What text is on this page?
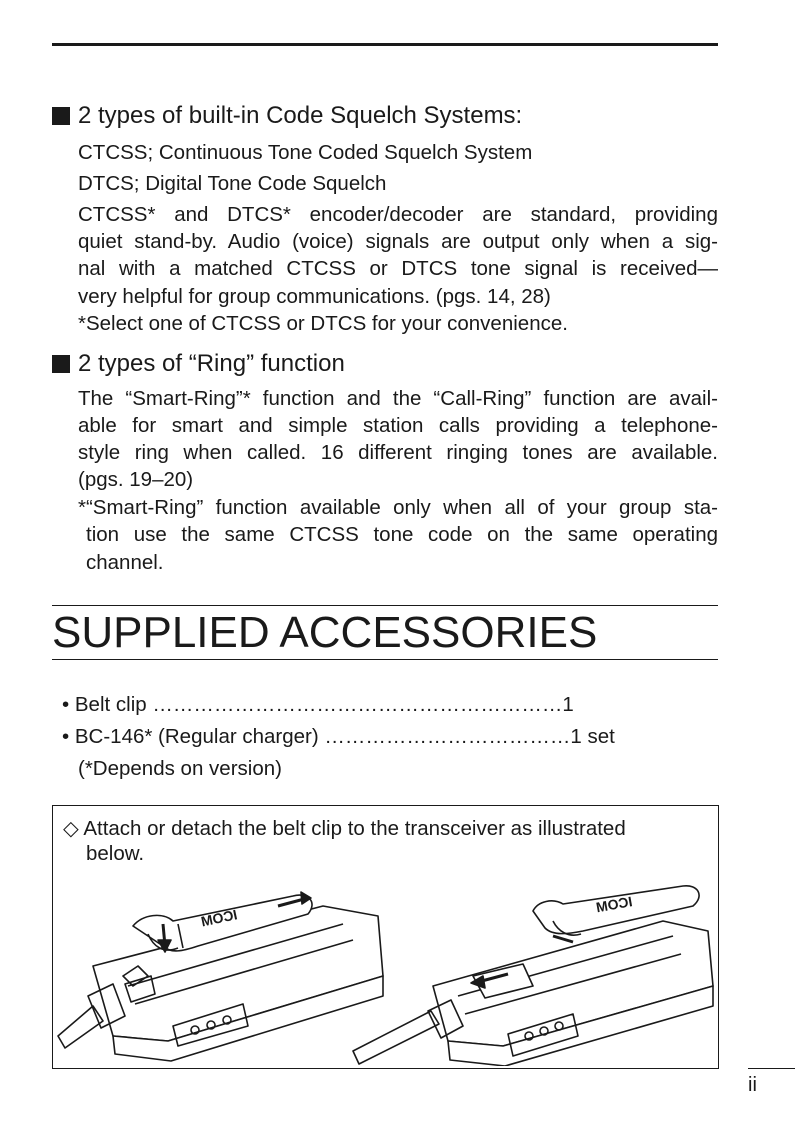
2 types of built-in Code Squelch Systems:
CTCSS; Continuous Tone Coded Squelch System
DTCS; Digital Tone Code Squelch
CTCSS* and DTCS* encoder/decoder are standard, providing
quiet stand-by. Audio (voice) signals are output only when a sig-
nal with a matched CTCSS or DTCS tone signal is received—
very helpful for group communications. (pgs. 14, 28)
*Select one of CTCSS or DTCS for your convenience.
2 types of “Ring” function
The “Smart-Ring”* function and the “Call-Ring” function are avail-
able for smart and simple station calls providing a telephone-
style ring when called. 16 different ringing tones are available.
(pgs. 19–20)
*“Smart-Ring” function available only when all of your group sta-
tion use the same CTCSS tone code on the same operating
channel.
SUPPLIED ACCESSORIES
• Belt clip ……………………………………………………1
• BC-146* (Regular charger) ………………………………1 set
(*Depends on version)
◇ Attach or detach the belt clip to the transceiver as illustrated
below.
ICOM
ICOM
ii
